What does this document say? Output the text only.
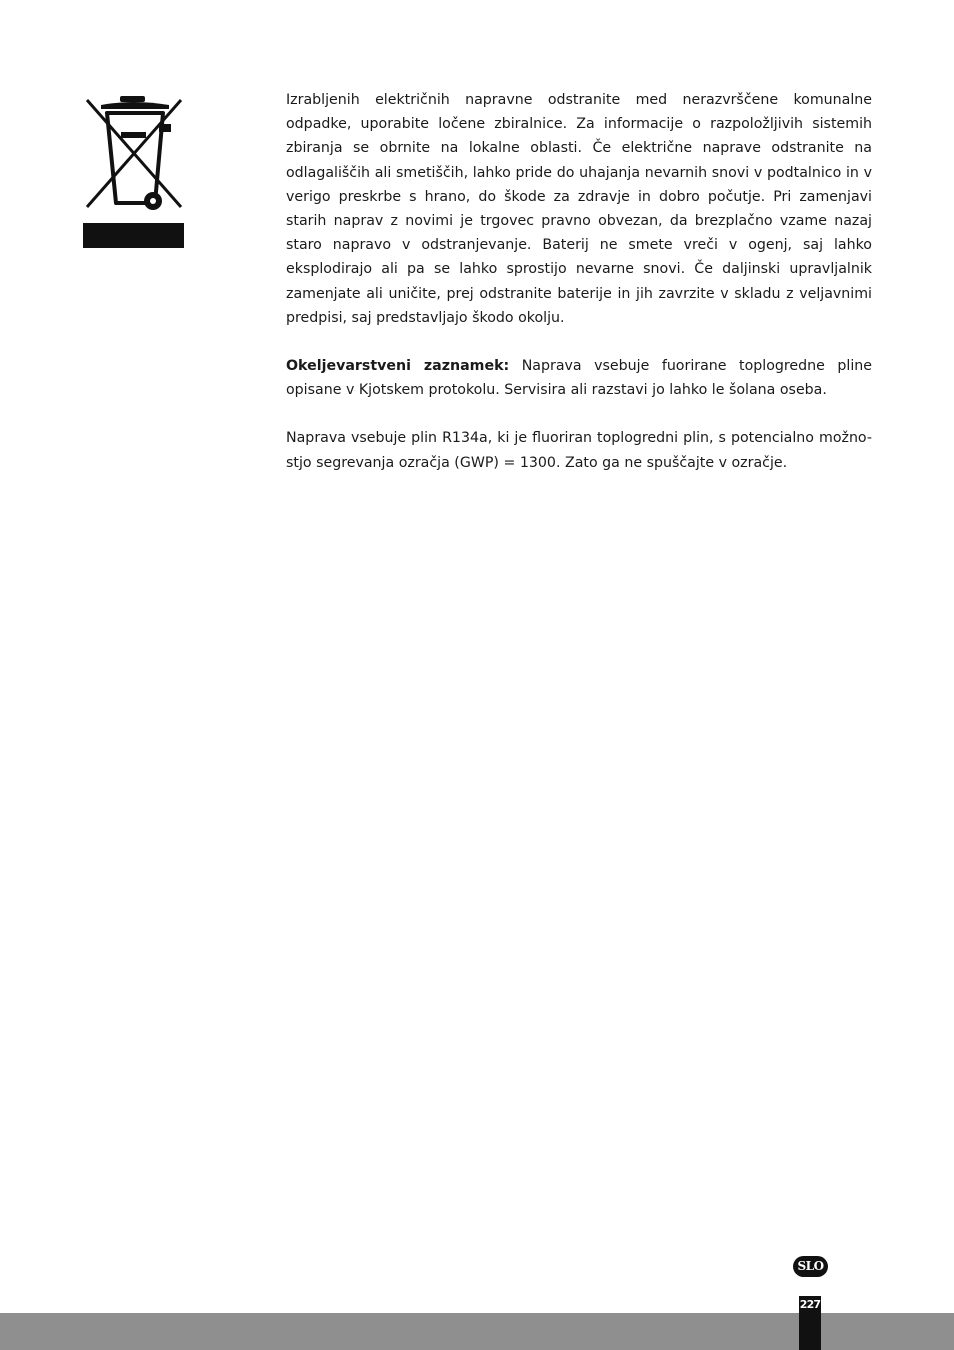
Izrabljenih električnih napravne odstranite med nerazvrščene komunalne odpadke, uporabite ločene zbiralnice. Za informacije o razpoložljivih sistemih zbiranja se obrnite na lokalne oblasti. Če električne naprave odstranite na odlagališčih ali smetiščih, lahko pride do uhajanja nevarnih snovi v podtalnico in v verigo preskrbe s hrano, do škode za zdravje in dobro počutje. Pri zamenjavi starih naprav z novimi je trgovec pravno obvezan, da brezplačno vzame nazaj staro napravo v odstranjevanje. Baterij ne smete vreči v ogenj, saj lahko eksplodirajo ali pa se lahko sprostijo nevarne snovi. Če daljinski upravljalnik zamenjate ali uničite, prej odstranite baterije in jih zavrzite v skladu z veljavnimi predpisi, saj predstavljajo škodo okolju.

Okeljevarstveni zaznamek: Naprava vsebuje fuorirane toplogredne pline opisane v Kjotskem protokolu. Servisira ali razstavi jo lahko le šolana oseba.

Naprava vsebuje plin R134a, ki je fluoriran toplogredni plin, s potencialno možno-stjo segrevanja ozračja (GWP) = 1300. Zato ga ne spuščajte v ozračje.

SLO
227
